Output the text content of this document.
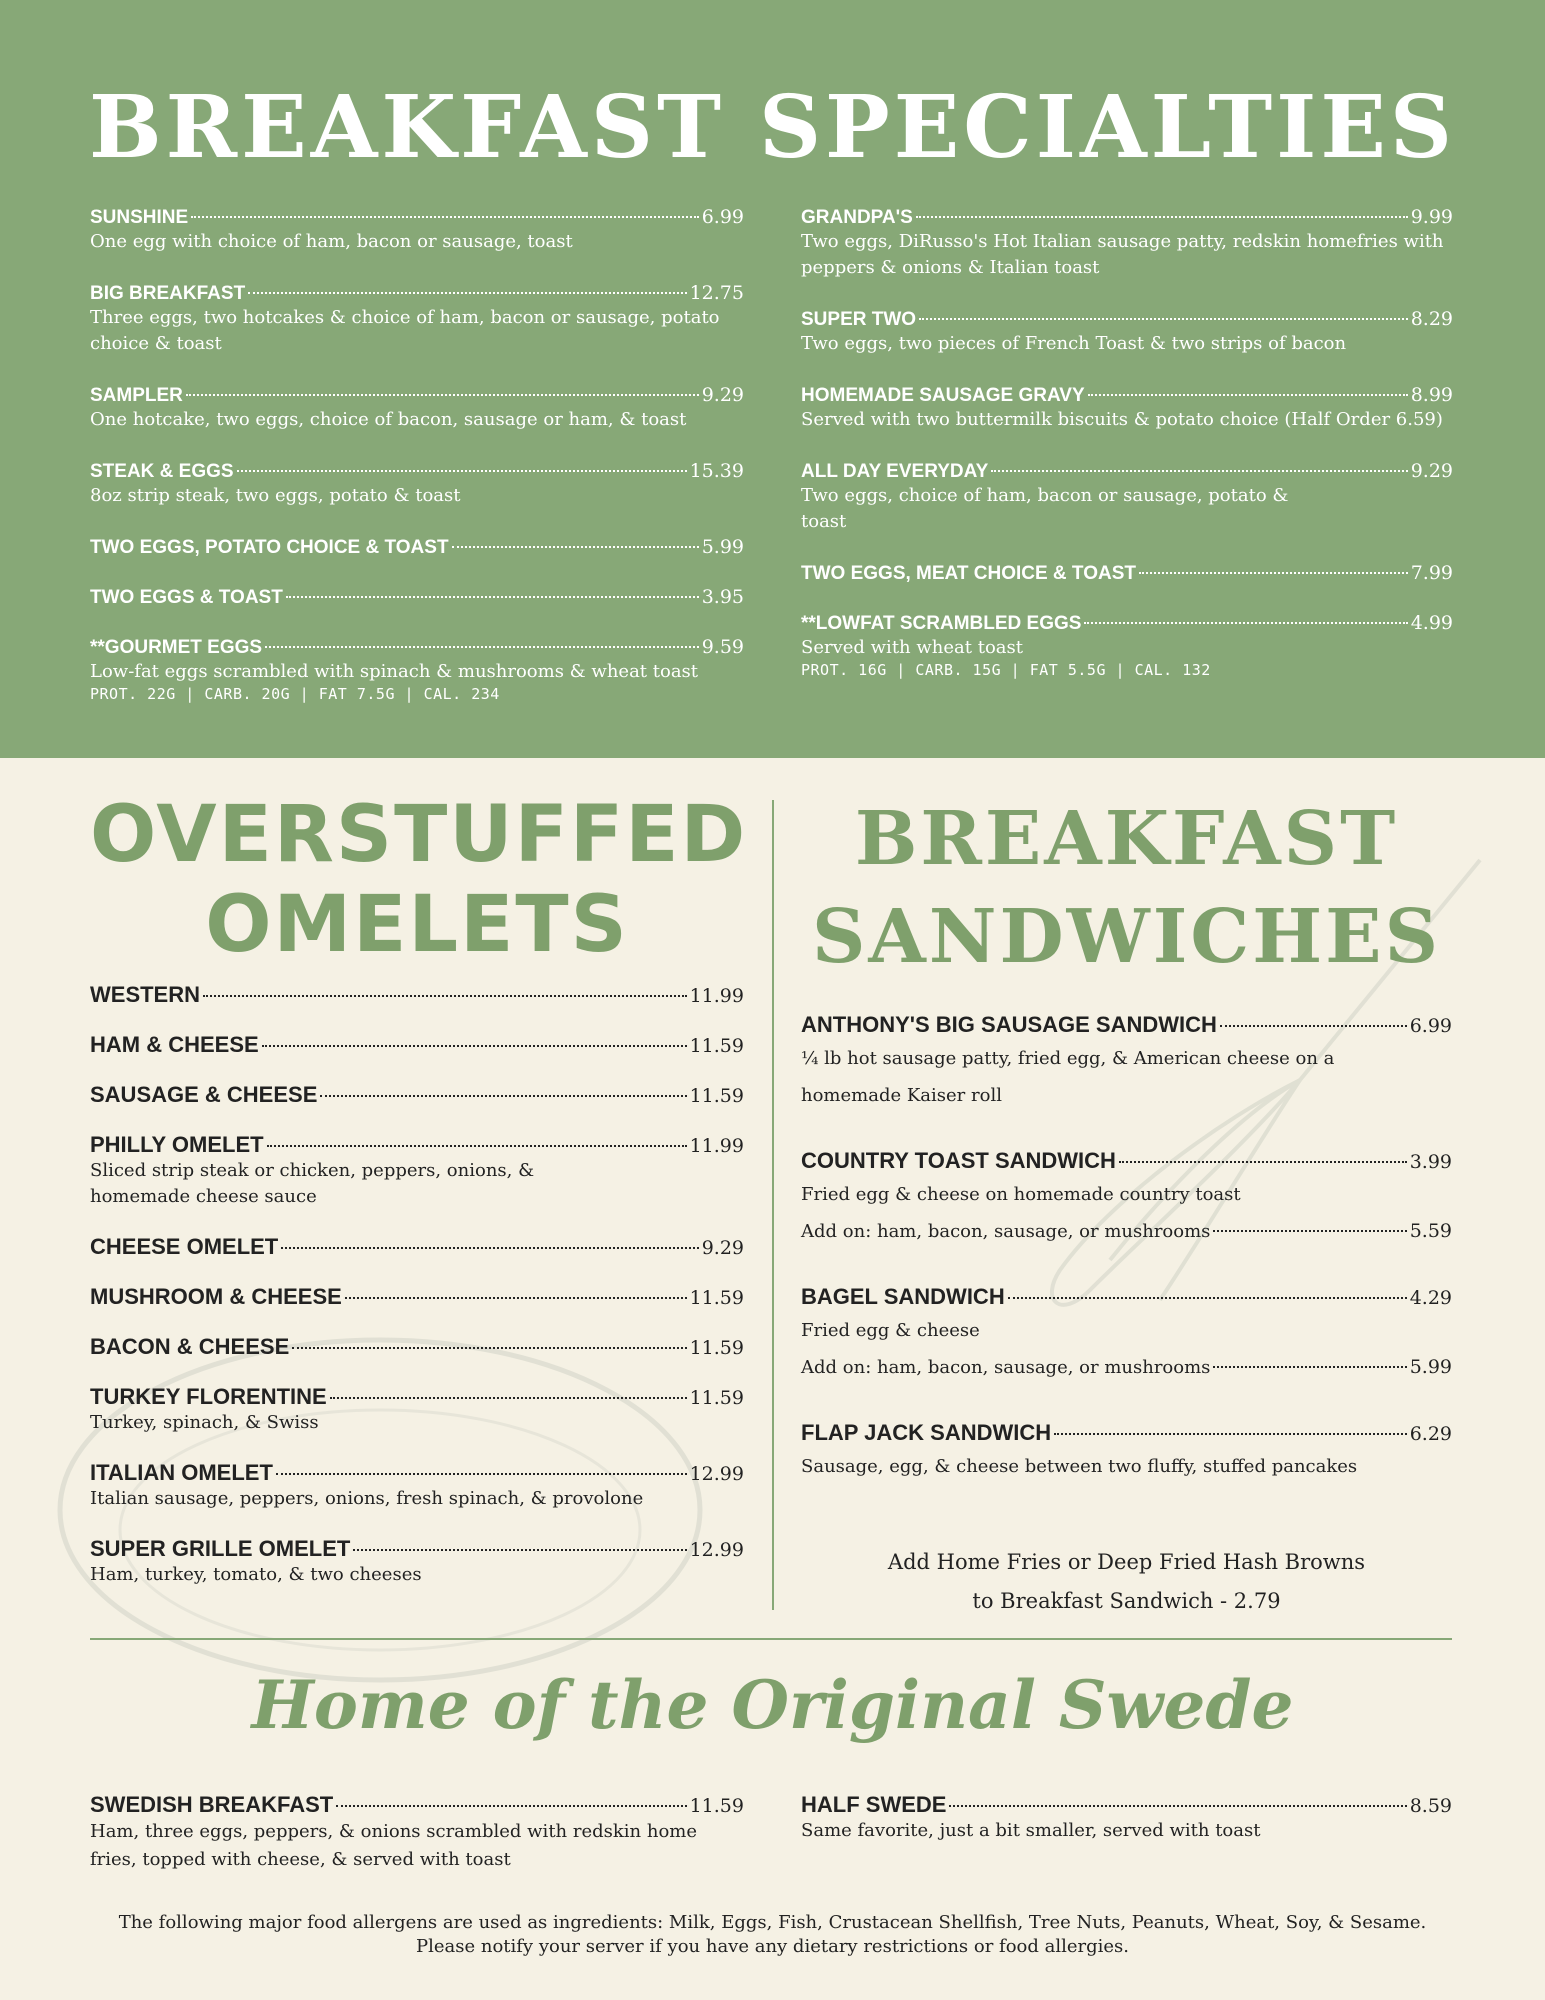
BREAKFAST SPECIALTIES
SUNSHINE	6.99
One egg with choice of ham, bacon or sausage, toast
BIG BREAKFAST	12.75
Three eggs, two hotcakes & choice of ham, bacon or sausage, potato choice & toast
SAMPLER	9.29
One hotcake, two eggs, choice of bacon, sausage or ham, & toast
STEAK & EGGS	15.39
8oz strip steak, two eggs, potato & toast
TWO EGGS, POTATO CHOICE & TOAST	5.99
TWO EGGS & TOAST	3.95
**GOURMET EGGS	9.59
Low-fat eggs scrambled with spinach & mushrooms & wheat toast
PROT. 22G | CARB. 20G | FAT 7.5G | CAL. 234
GRANDPA'S	9.99
Two eggs, DiRusso's Hot Italian sausage patty, redskin homefries with peppers & onions & Italian toast
SUPER TWO	8.29
Two eggs, two pieces of French Toast & two strips of bacon
HOMEMADE SAUSAGE GRAVY	8.99
Served with two buttermilk biscuits & potato choice (Half Order 6.59)
ALL DAY EVERYDAY	9.29
Two eggs, choice of ham, bacon or sausage, potato & toast
TWO EGGS, MEAT CHOICE & TOAST	7.99
**LOWFAT SCRAMBLED EGGS	4.99
Served with wheat toast
PROT. 16G | CARB. 15G | FAT 5.5G | CAL. 132
OVERSTUFFED
OMELETS
WESTERN	11.99
HAM & CHEESE	11.59
SAUSAGE & CHEESE	11.59
PHILLY OMELET	11.99
Sliced strip steak or chicken, peppers, onions, & homemade cheese sauce
CHEESE OMELET	9.29
MUSHROOM & CHEESE	11.59
BACON & CHEESE	11.59
TURKEY FLORENTINE	11.59
Turkey, spinach, & Swiss
ITALIAN OMELET	12.99
Italian sausage, peppers, onions, fresh spinach, & provolone
SUPER GRILLE OMELET	12.99
Ham, turkey, tomato, & two cheeses
BREAKFAST
SANDWICHES
ANTHONY'S BIG SAUSAGE SANDWICH	6.99
¼ lb hot sausage patty, fried egg, & American cheese on a homemade Kaiser roll
COUNTRY TOAST SANDWICH	3.99
Fried egg & cheese on homemade country toast
Add on: ham, bacon, sausage, or mushrooms	5.59
BAGEL SANDWICH	4.29
Fried egg & cheese
Add on: ham, bacon, sausage, or mushrooms	5.99
FLAP JACK SANDWICH	6.29
Sausage, egg, & cheese between two fluffy, stuffed pancakes
Add Home Fries or Deep Fried Hash Browns
to Breakfast Sandwich - 2.79
Home of the Original Swede
SWEDISH BREAKFAST	11.59
Ham, three eggs, peppers, & onions scrambled with redskin home fries, topped with cheese, & served with toast
HALF SWEDE	8.59
Same favorite, just a bit smaller, served with toast
The following major food allergens are used as ingredients: Milk, Eggs, Fish, Crustacean Shellfish, Tree Nuts, Peanuts, Wheat, Soy, & Sesame.
Please notify your server if you have any dietary restrictions or food allergies.
